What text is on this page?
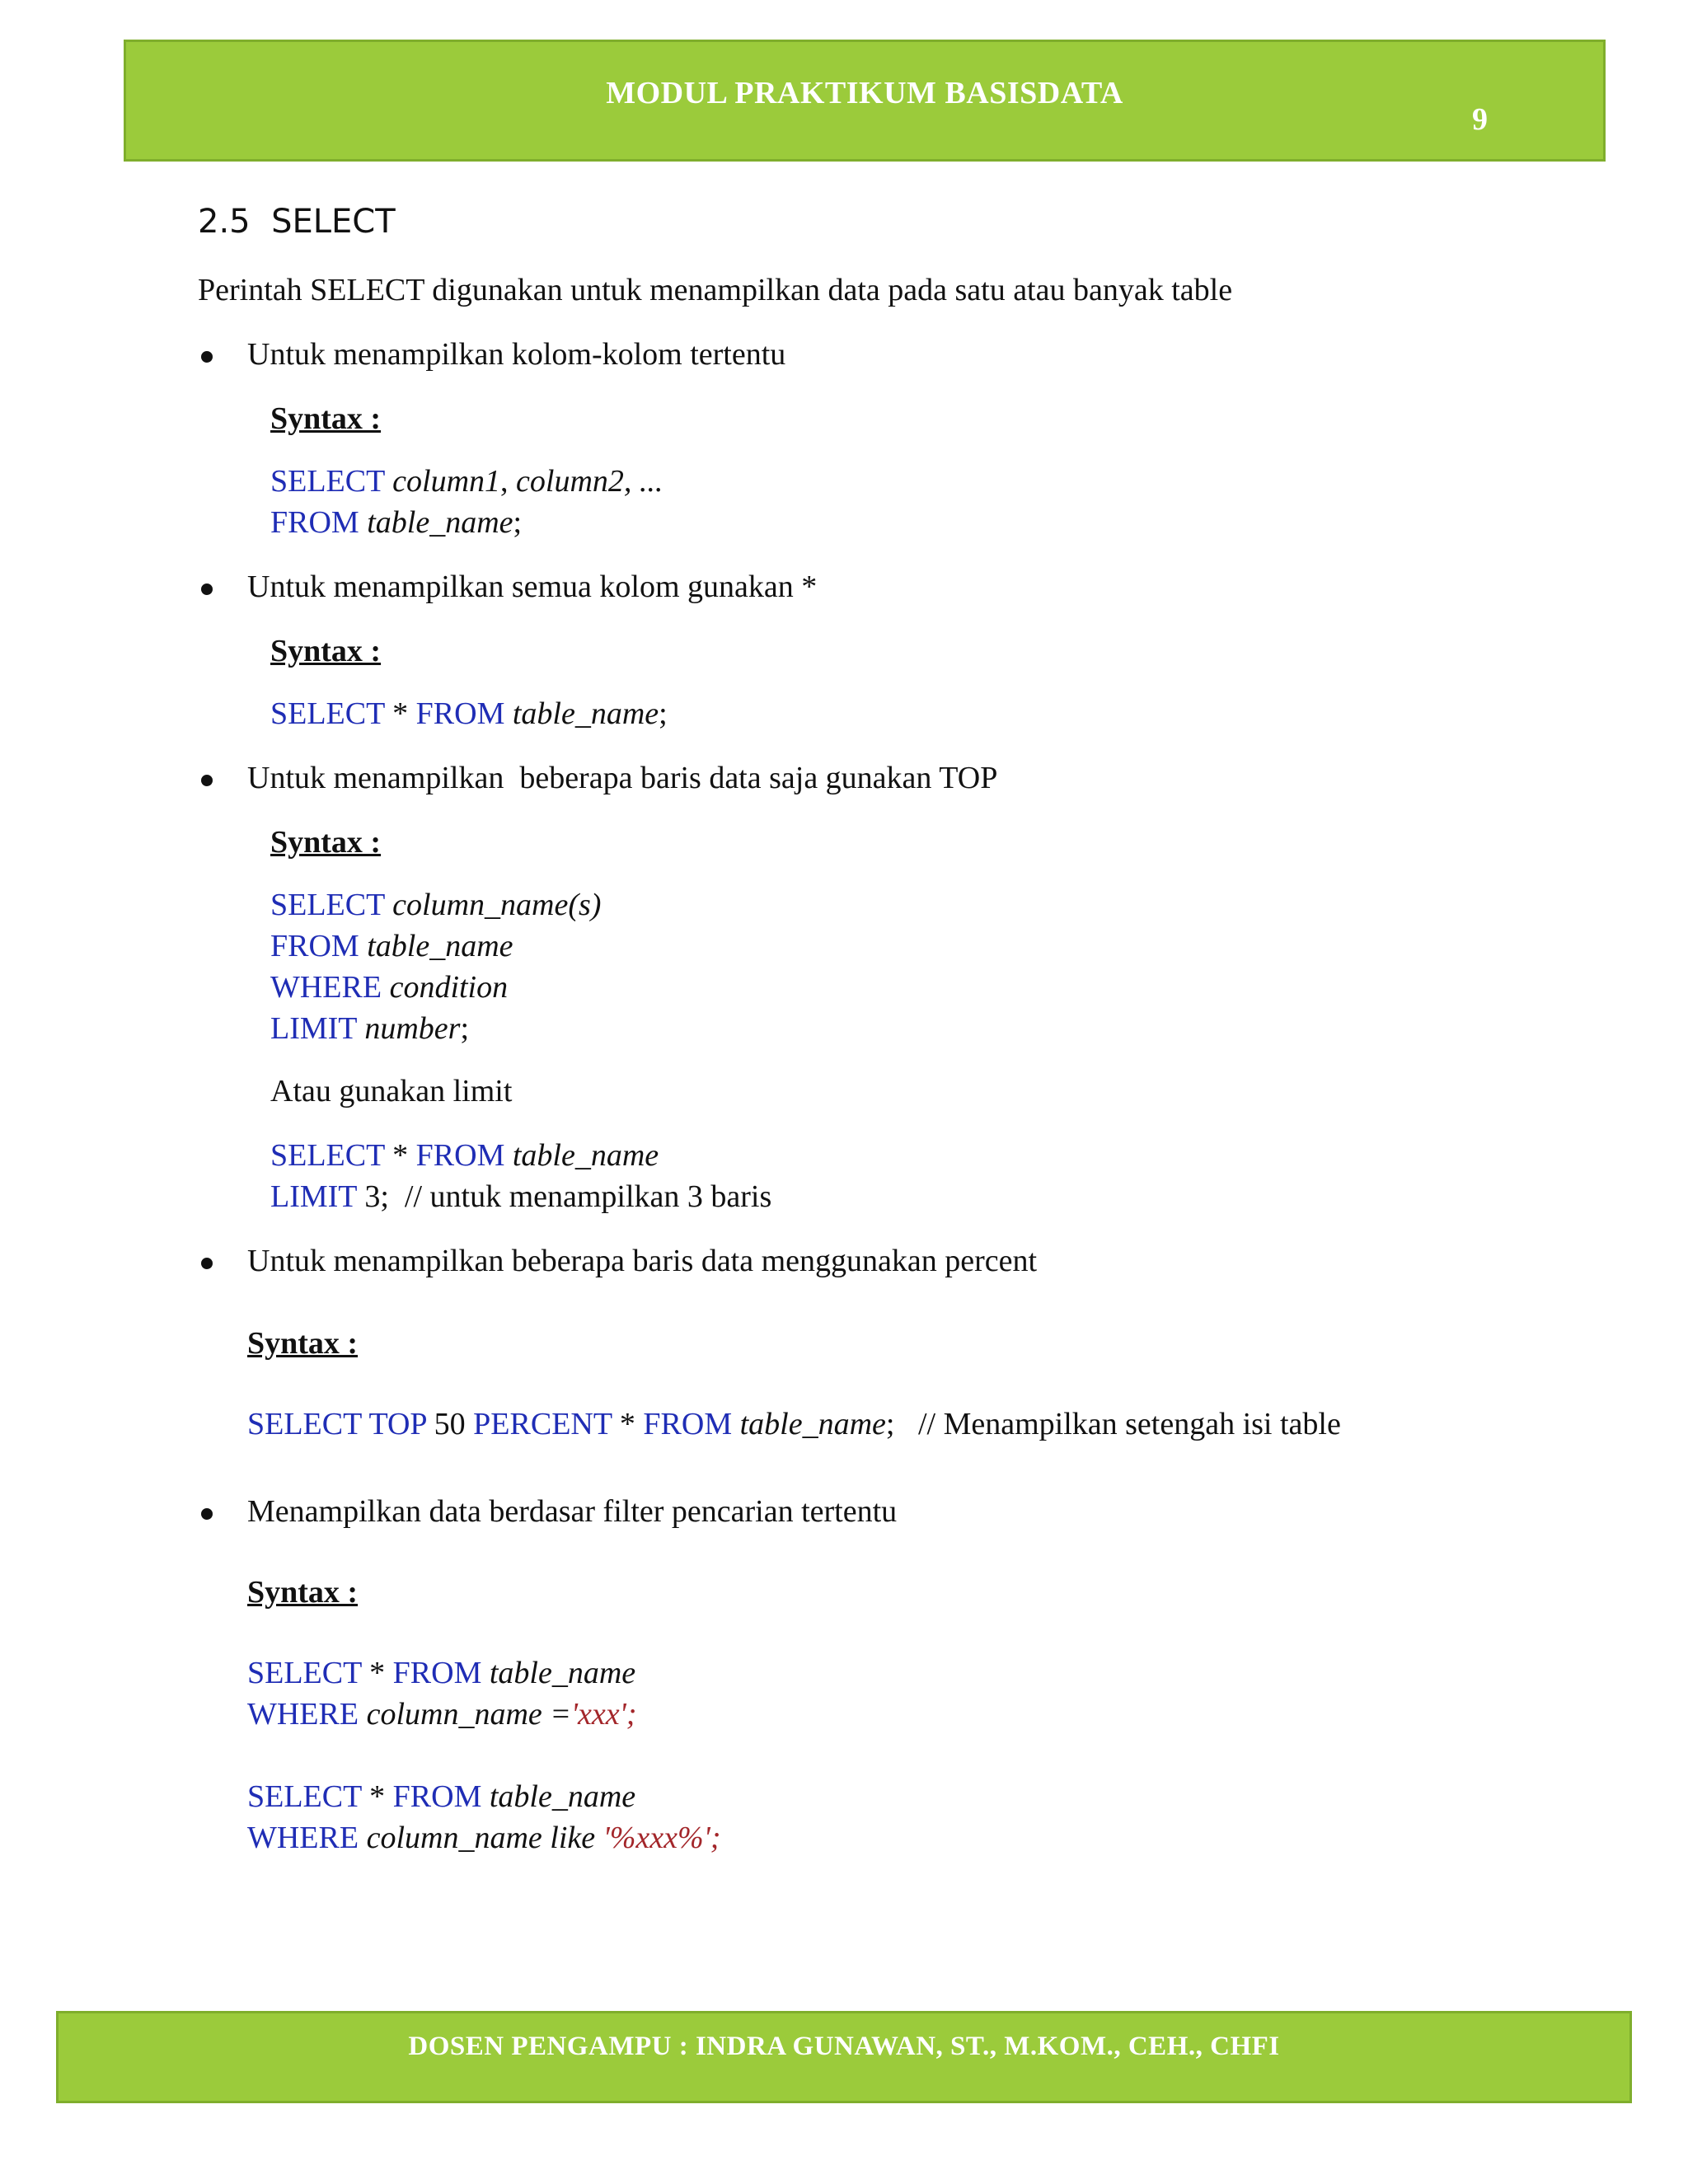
MODUL PRAKTIKUM BASISDATA
9
2.5 SELECT
Perintah SELECT digunakan untuk menampilkan data pada satu atau banyak table
Untuk menampilkan kolom-kolom tertentu
Syntax :
SELECT column1, column2, ...
FROM table_name;
Untuk menampilkan semua kolom gunakan *
Syntax :
SELECT * FROM table_name;
Untuk menampilkan  beberapa baris data saja gunakan TOP
Syntax :
SELECT column_name(s)
FROM table_name
WHERE condition
LIMIT number;
Atau gunakan limit
SELECT * FROM table_name
LIMIT 3; // untuk menampilkan 3 baris
Untuk menampilkan beberapa baris data menggunakan percent
Syntax :
SELECT TOP 50 PERCENT * FROM table_name; // Menampilkan setengah isi table
Menampilkan data berdasar filter pencarian tertentu
Syntax :
SELECT * FROM table_name
WHERE column_name ='xxx';
SELECT * FROM table_name
WHERE column_name like '%xxx%';
DOSEN PENGAMPU : INDRA GUNAWAN, ST., M.KOM., CEH., CHFI
